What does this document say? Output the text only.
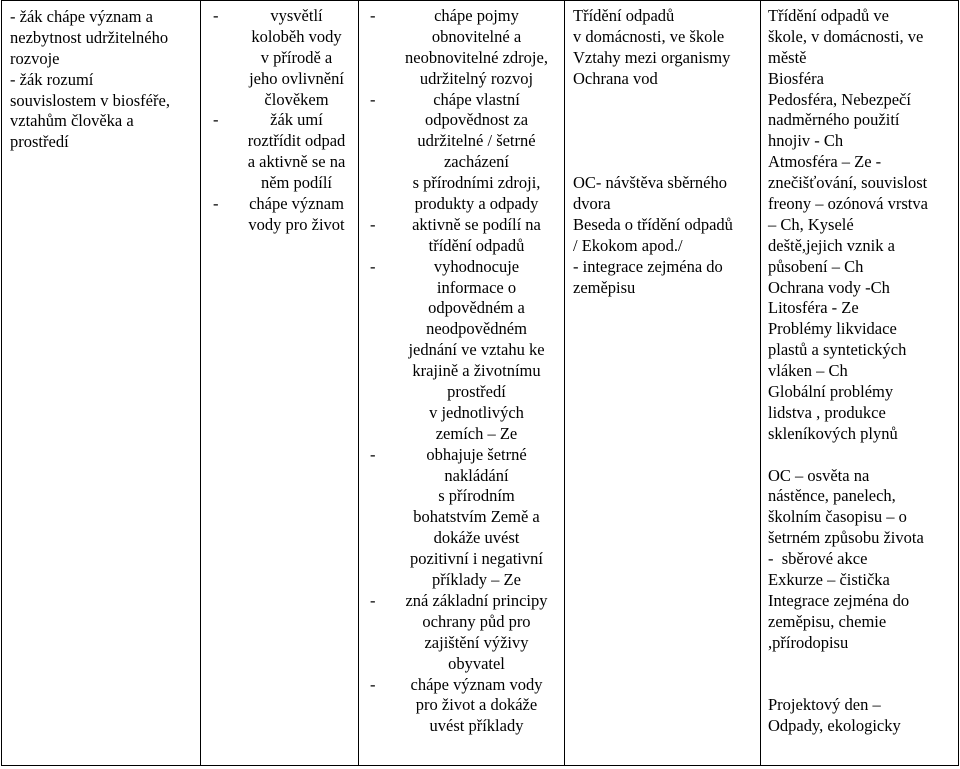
- žák chápe význam a
nezbytnost udržitelného
rozvoje
- žák rozumí
souvislostem v biosféře,
vztahům člověka a
prostředí

-	vysvětlí
koloběh vody
v přírodě a
jeho ovlivnění
člověkem
-	žák umí
roztřídit odpad
a aktivně se na
něm podílí
-	chápe význam
vody pro život

-	chápe pojmy
obnovitelné a
neobnovitelné zdroje,
udržitelný rozvoj
-	chápe vlastní
odpovědnost za
udržitelné / šetrné
zacházení
s přírodními zdroji,
produkty a odpady
-	aktivně se podílí na
třídění odpadů
-	vyhodnocuje
informace o
odpovědném a
neodpovědném
jednání ve vztahu ke
krajině a životnímu
prostředí
v jednotlivých
zemích – Ze
-	obhajuje šetrné
nakládání
s přírodním
bohatstvím Země a
dokáže uvést
pozitivní i negativní
příklady – Ze
-	zná základní principy
ochrany půd pro
zajištění výživy
obyvatel
-	chápe význam vody
pro život a dokáže
uvést příklady

Třídění odpadů
v domácnosti, ve škole
Vztahy mezi organismy
Ochrana vod
OC- návštěva sběrného
dvora
Beseda o třídění odpadů
/ Ekokom apod./
- integrace zejména do
zeměpisu

Třídění odpadů ve
škole, v domácnosti, ve
městě
Biosféra
Pedosféra, Nebezpečí
nadměrného použití
hnojiv - Ch
Atmosféra – Ze -
znečišťování, souvislost
freony – ozónová vrstva
– Ch, Kyselé
deště,jejich vznik a
působení – Ch
Ochrana vody -Ch
Litosféra - Ze
Problémy likvidace
plastů a syntetických
vláken – Ch
Globální problémy
lidstva , produkce
skleníkových plynů
OC – osvěta na
nástěnce, panelech,
školním časopisu – o
šetrném způsobu života
-  sběrové akce
Exkurze – čistička
Integrace zejména do
zeměpisu, chemie
,přírodopisu
Projektový den –
Odpady, ekologicky
